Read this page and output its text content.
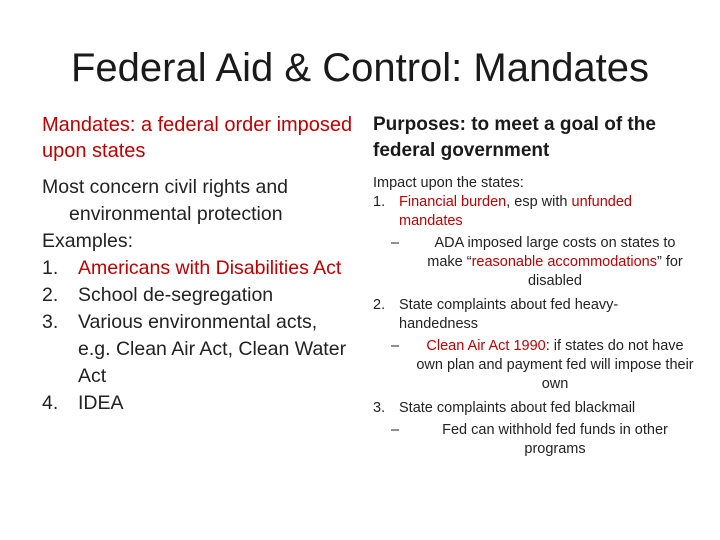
Federal Aid & Control: Mandates
Mandates: a federal order imposed upon states
Most concern civil rights and environmental protection
Examples:
1.	Americans with Disabilities Act
2.	School de-segregation
3.	Various environmental acts, e.g. Clean Air Act, Clean Water Act
4.	IDEA
Purposes: to meet a goal of the federal government
Impact upon the states:
1. Financial burden, esp with unfunded mandates
–	ADA imposed large costs on states to make “reasonable accommodations” for disabled
2. State complaints about fed heavy-handedness
–	Clean Air Act 1990: if states do not have own plan and payment fed will impose their own
3. State complaints about fed blackmail
–	Fed can withhold fed funds in other programs
